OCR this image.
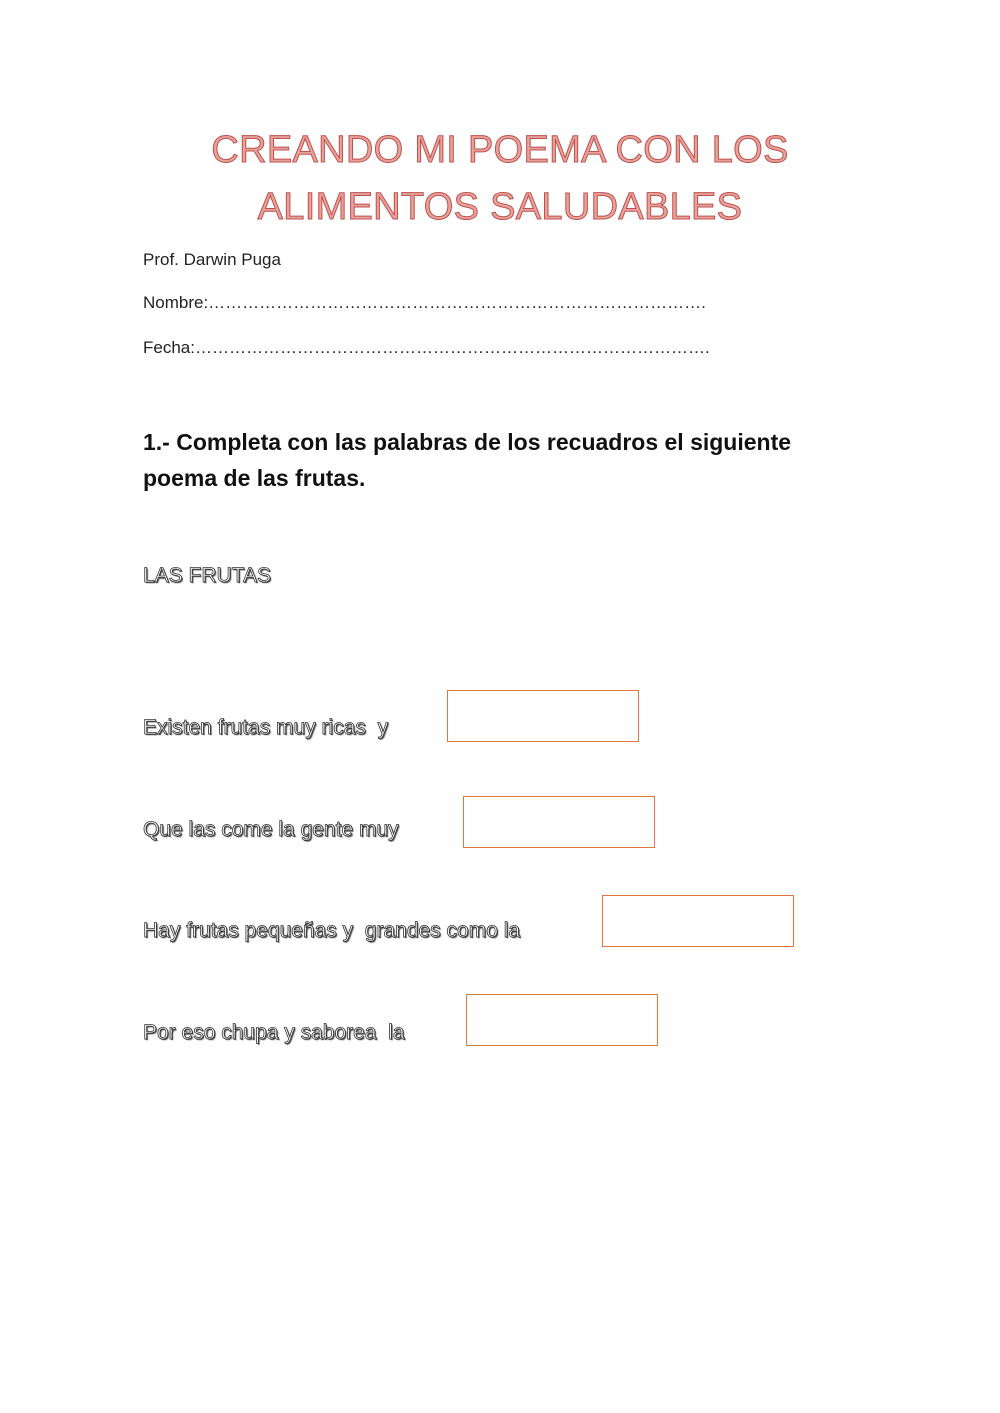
CREANDO MI POEMA CON LOS
ALIMENTOS SALUDABLES
Prof. Darwin Puga
Nombre:…………………………………………………………………………….
Fecha:……………………………………………………………………………….
1.- Completa con las palabras de los recuadros el siguiente poema de las frutas.
LAS FRUTAS
Existen frutas muy ricas  y
Que las come la gente muy
Hay frutas pequeñas y  grandes como la
Por eso chupa y saborea  la
